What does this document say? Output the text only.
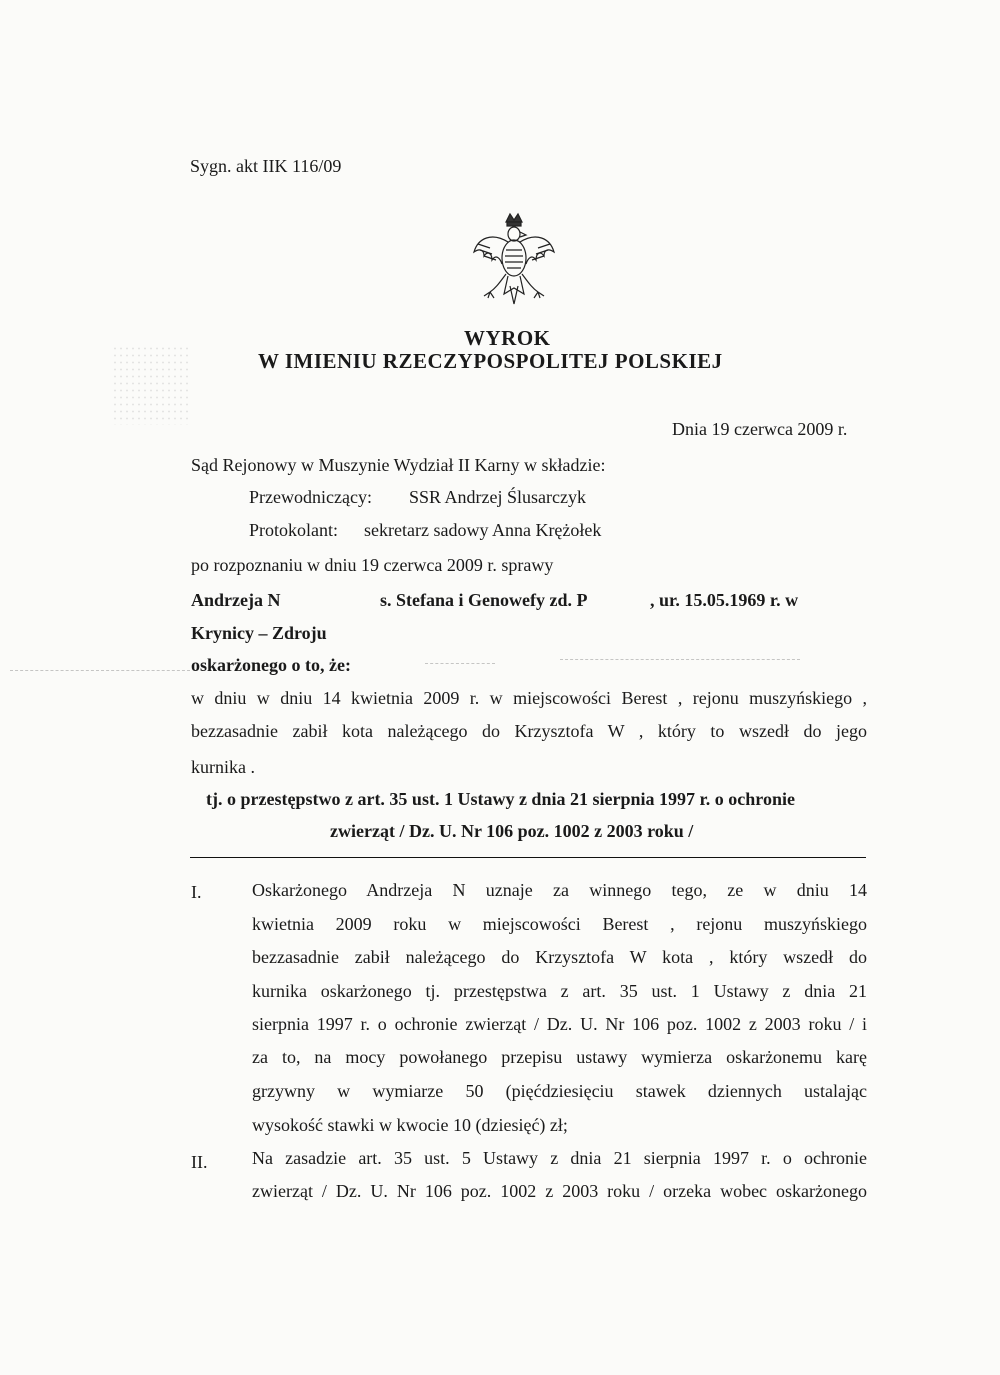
Sygn. akt IIK 116/09
WYROK
W IMIENIU RZECZYPOSPOLITEJ POLSKIEJ
Dnia 19 czerwca 2009 r.
Sąd Rejonowy w Muszynie Wydział II Karny w składzie:
Przewodniczący: SSR Andrzej Ślusarczyk
Protokolant: sekretarz sadowy Anna Krężołek
po rozpoznaniu w dniu 19 czerwca 2009 r. sprawy
Andrzeja N	s. Stefana i Genowefy zd. P	, ur. 15.05.1969 r. w
Krynicy – Zdroju
oskarżonego o to, że:
w dniu w dniu 14 kwietnia 2009 r. w miejscowości Berest , rejonu muszyńskiego ,
bezzasadnie zabił kota należącego do Krzysztofa W , który to wszedł do jego
kurnika .
tj. o przestępstwo z art. 35 ust. 1 Ustawy z dnia 21 sierpnia 1997 r. o ochronie
zwierząt / Dz. U. Nr 106 poz. 1002 z 2003 roku /
I.	Oskarżonego Andrzeja N uznaje za winnego tego, ze w dniu 14
kwietnia 2009 roku w miejscowości Berest , rejonu muszyńskiego
bezzasadnie zabił należącego do Krzysztofa W kota , który wszedł do
kurnika oskarżonego tj. przestępstwa z art. 35 ust. 1 Ustawy z dnia 21
sierpnia 1997 r. o ochronie zwierząt / Dz. U. Nr 106 poz. 1002 z 2003 roku / i
za to, na mocy powołanego przepisu ustawy wymierza oskarżonemu karę
grzywny w wymiarze 50 (pięćdziesięciu stawek dziennych ustalając
wysokość stawki w kwocie 10 (dziesięć) zł;
II. Na zasadzie art. 35 ust. 5 Ustawy z dnia 21 sierpnia 1997 r. o ochronie
zwierząt / Dz. U. Nr 106 poz. 1002 z 2003 roku / orzeka wobec oskarżonego
